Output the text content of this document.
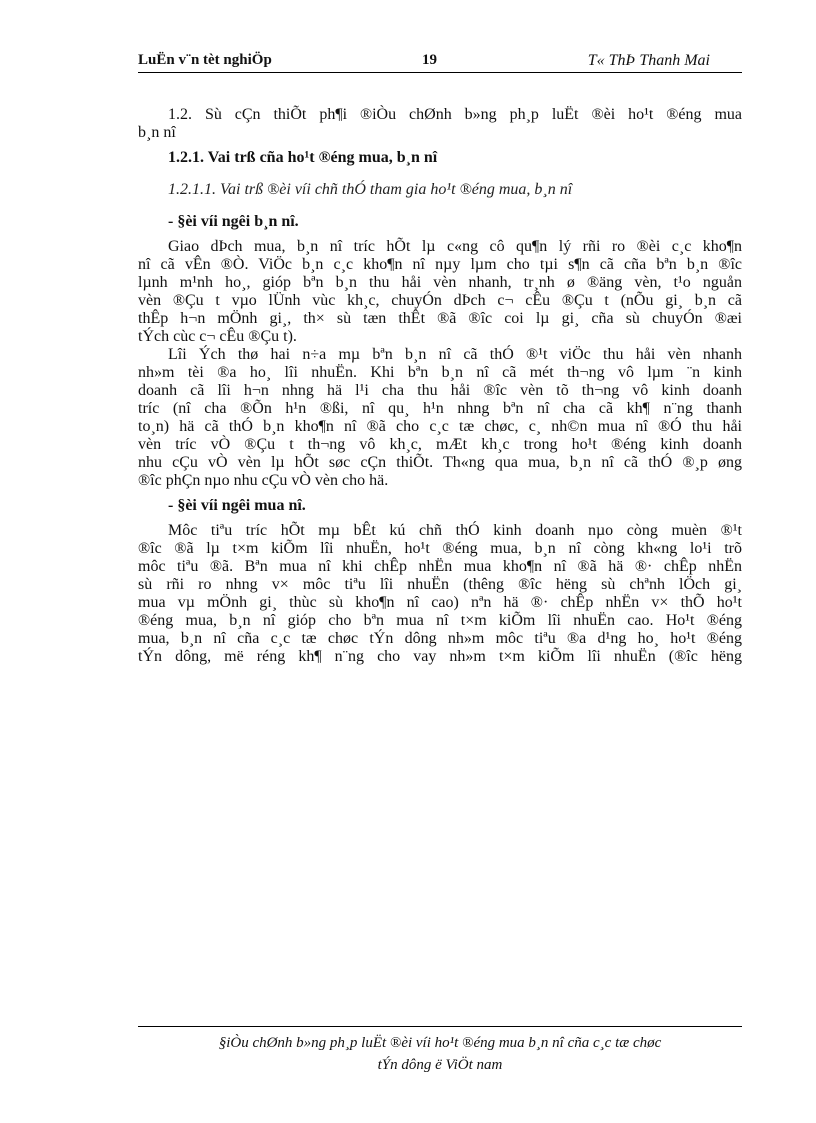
LuËn v¨n tèt nghiÖp	19	T« ThÞ Thanh Mai
1.2. Sù cÇn thiÕt ph¶i ®iÒu chØnh b»ng ph¸p luËt ®èi ho¹t ®éng mua
b¸n nî

1.2.1. Vai trß cña ho¹t ®éng mua, b¸n nî

1.2.1.1. Vai trß ®èi víi chñ thÓ tham gia ho¹t ®éng mua, b¸n nî

- §èi víi ngêi b¸n nî.

Giao dÞch mua, b¸n nî tríc hÕt lµ c«ng cô qu¶n lý rñi ro ®èi c¸c kho¶n
nî cã vÊn ®Ò. ViÖc b¸n c¸c kho¶n nî nµy lµm cho tµi s¶n cã cña bªn b¸n ®îc
lµnh m¹nh ho¸, gióp bªn b¸n thu håi vèn nhanh, tr¸nh ø ®äng vèn, t¹o nguån
vèn ®Çu t vµo lÜnh vùc kh¸c, chuyÓn dÞch c¬ cÊu ®Çu t (nÕu gi¸ b¸n cã
thÊp h¬n mÖnh gi¸, th× sù tæn thÊt ®ã ®îc coi lµ gi¸ cña sù chuyÓn ®æi
tÝch cùc c¬ cÊu ®Çu t).
Lîi Ých thø hai n÷a mµ bªn b¸n nî cã thÓ ®¹t viÖc thu håi vèn nhanh
nh»m tèi ®a ho¸ lîi nhuËn. Khi bªn b¸n nî cã mét th¬ng vô lµm ¨n kinh
doanh cã lîi h¬n nhng hä l¹i cha thu håi ®îc vèn tõ th¬ng vô kinh doanh
tríc (nî cha ®Õn h¹n ®ßi, nî qu¸ h¹n nhng bªn nî cha cã kh¶ n¨ng thanh
to¸n) hä cã thÓ b¸n kho¶n nî ®ã cho c¸c tæ chøc, c¸ nh©n mua nî ®Ó thu håi
vèn tríc vÒ ®Çu t th¬ng vô kh¸c, mÆt kh¸c trong ho¹t ®éng kinh doanh
nhu cÇu vÒ vèn lµ hÕt søc cÇn thiÕt. Th«ng qua mua, b¸n nî cã thÓ ®¸p øng
®îc phÇn nµo nhu cÇu vÒ vèn cho hä.

- §èi víi ngêi mua nî.

Môc tiªu tríc hÕt mµ bÊt kú chñ thÓ kinh doanh nµo còng muèn ®¹t
®îc ®ã lµ t×m kiÕm lîi nhuËn, ho¹t ®éng mua, b¸n nî còng kh«ng lo¹i trõ
môc tiªu ®ã. Bªn mua nî khi chÊp nhËn mua kho¶n nî ®ã hä ®· chÊp nhËn
sù rñi ro nhng v× môc tiªu lîi nhuËn (thêng ®îc hëng sù chªnh lÖch gi¸
mua vµ mÖnh gi¸ thùc sù kho¶n nî cao) nªn hä ®· chÊp nhËn v× thÕ ho¹t
®éng mua, b¸n nî gióp cho bªn mua nî t×m kiÕm lîi nhuËn cao. Ho¹t ®éng
mua, b¸n nî cña c¸c tæ chøc tÝn dông nh»m môc tiªu ®a d¹ng ho¸ ho¹t ®éng
tÝn dông, më réng kh¶ n¨ng cho vay nh»m t×m kiÕm lîi nhuËn (®îc hëng
§iÒu chØnh b»ng ph¸p luËt ®èi víi ho¹t ®éng mua b¸n nî cña c¸c tæ chøc
tÝn dông ë ViÖt nam
